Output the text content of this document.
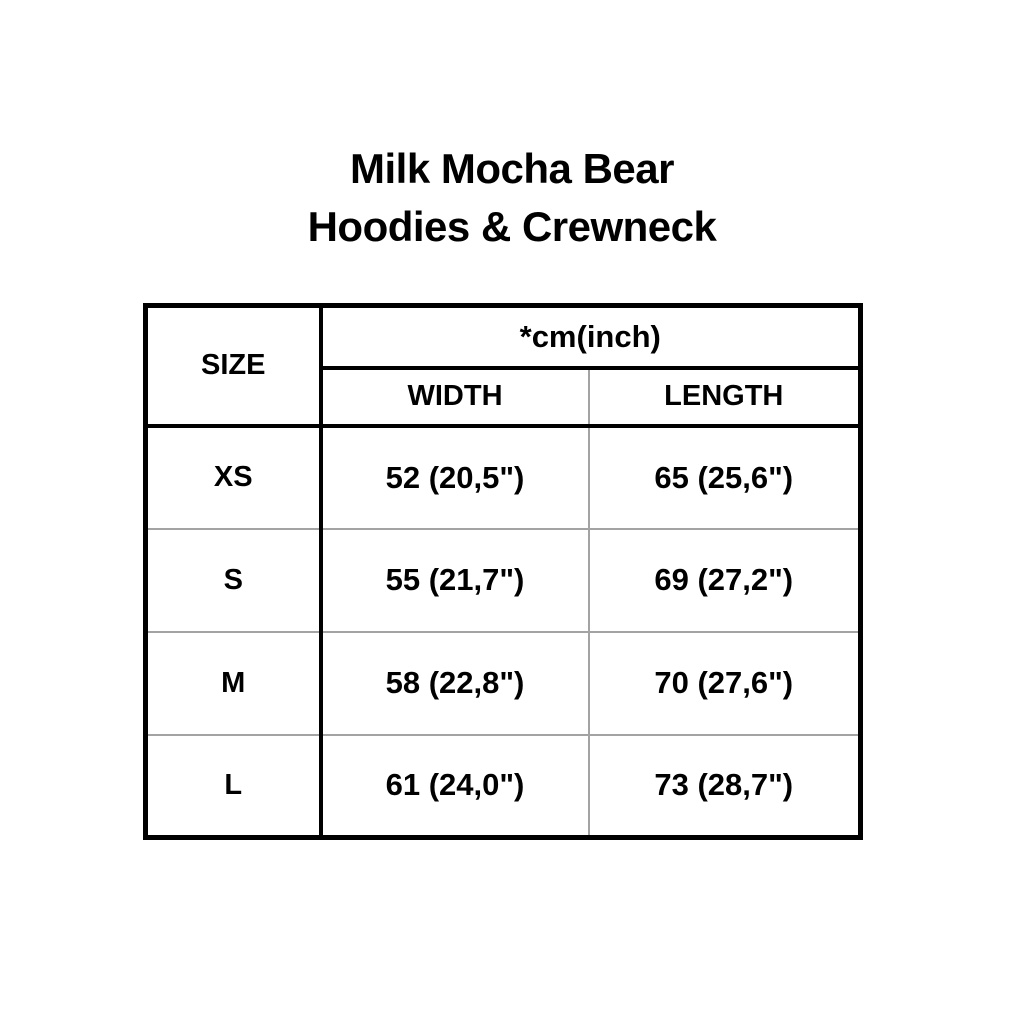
Milk Mocha Bear
Hoodies & Crewneck
SIZE	*cm(inch)	
	WIDTH	LENGTH
XS	52 (20,5")	65 (25,6")
S	55 (21,7")	69 (27,2")
M	58 (22,8")	70 (27,6")
L	61 (24,0")	73 (28,7")
